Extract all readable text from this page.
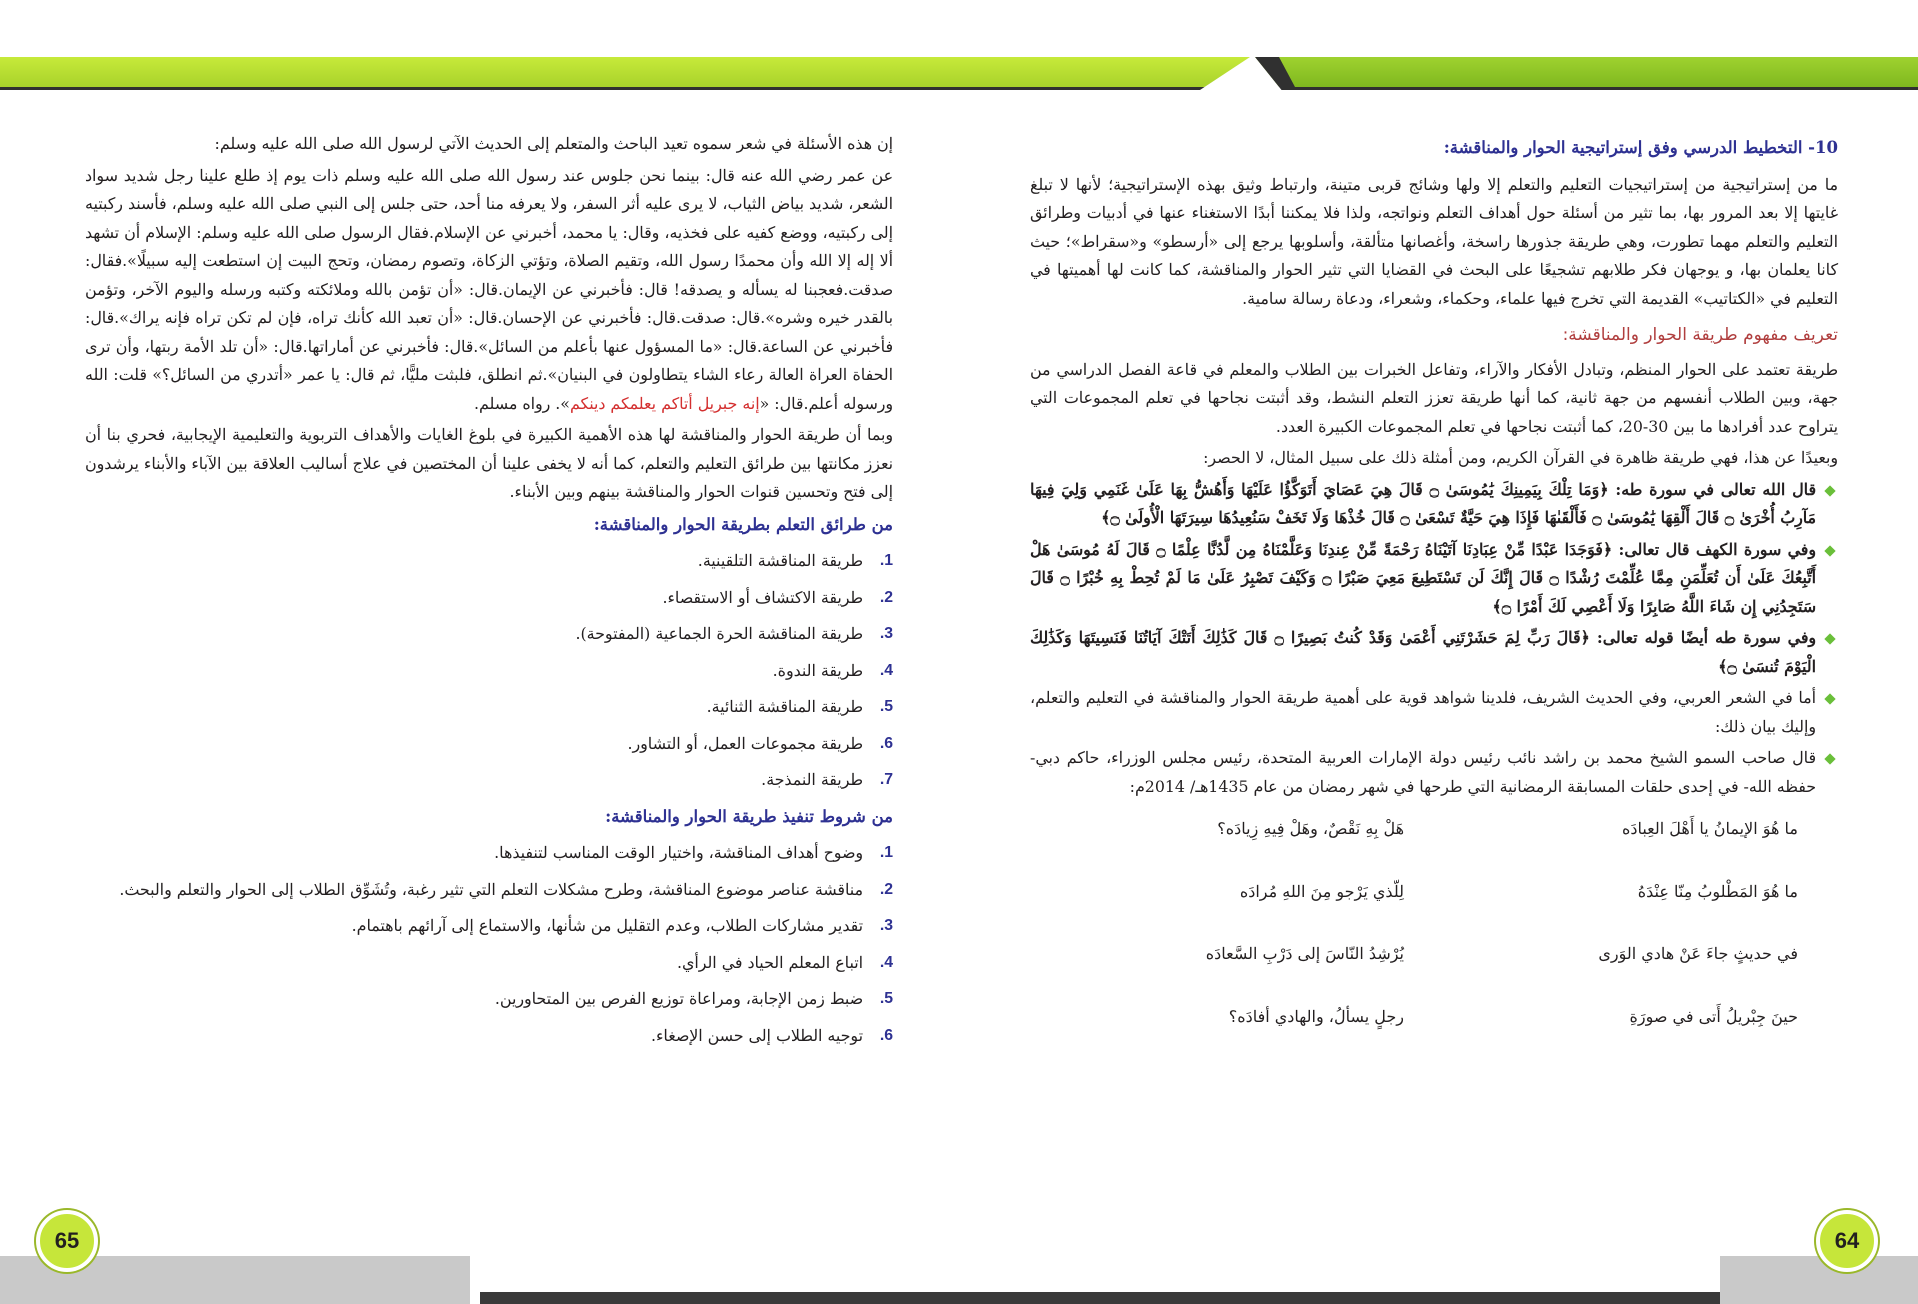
65	64
10- التخطيط الدرسي وفق إستراتيجية الحوار والمناقشة:

ما من إستراتيجية من إستراتيجيات التعليم والتعلم إلا ولها وشائج قربى متينة، وارتباط وثيق بهذه الإستراتيجية؛ لأنها لا تبلغ غايتها إلا بعد المرور بها، بما تثير من أسئلة حول أهداف التعلم ونواتجه، ولذا فلا يمكننا أبدًا الاستغناء عنها في أدبيات وطرائق التعليم والتعلم مهما تطورت، وهي طريقة جذورها راسخة، وأغصانها متألقة، وأسلوبها يرجع إلى «أرسطو» و«سقراط»؛ حيث كانا يعلمان بها، و يوجهان فكر طلابهم تشجيعًا على البحث في القضايا التي تثير الحوار والمناقشة، كما كانت لها أهميتها في التعليم في «الكتاتيب» القديمة التي تخرج فيها علماء، وحكماء، وشعراء، ودعاة رسالة سامية.

تعريف مفهوم طريقة الحوار والمناقشة:

طريقة تعتمد على الحوار المنظم، وتبادل الأفكار والآراء، وتفاعل الخبرات بين الطلاب والمعلم في قاعة الفصل الدراسي من جهة، وبين الطلاب أنفسهم من جهة ثانية، كما أنها طريقة تعزز التعلم النشط، وقد أثبتت نجاحها في تعلم المجموعات التي يتراوح عدد أفرادها ما بين 30-20، كما أثبتت نجاحها في تعلم المجموعات الكبيرة العدد.

وبعيدًا عن هذا، فهي طريقة ظاهرة في القرآن الكريم، ومن أمثلة ذلك على سبيل المثال، لا الحصر:

قال الله تعالى في سورة طه: ﴿وَمَا تِلْكَ بِيَمِينِكَ يَٰمُوسَىٰ ۝ قَالَ هِيَ عَصَايَ أَتَوَكَّؤُا عَلَيْهَا وَأَهُشُّ بِهَا عَلَىٰ غَنَمِي وَلِيَ فِيهَا مَآرِبُ أُخْرَىٰ ۝ قَالَ أَلْقِهَا يَٰمُوسَىٰ ۝ فَأَلْقَىٰهَا فَإِذَا هِيَ حَيَّةٌ تَسْعَىٰ ۝ قَالَ خُذْهَا وَلَا تَخَفْ سَنُعِيدُهَا سِيرَتَهَا الْأُولَىٰ ۝﴾

وفي سورة الكهف قال تعالى: ﴿فَوَجَدَا عَبْدًا مِّنْ عِبَادِنَا آتَيْنَاهُ رَحْمَةً مِّنْ عِندِنَا وَعَلَّمْنَاهُ مِن لَّدُنَّا عِلْمًا ۝ قَالَ لَهُ مُوسَىٰ هَلْ أَتَّبِعُكَ عَلَىٰ أَن تُعَلِّمَنِ مِمَّا عُلِّمْتَ رُشْدًا ۝ قَالَ إِنَّكَ لَن تَسْتَطِيعَ مَعِيَ صَبْرًا ۝ وَكَيْفَ تَصْبِرُ عَلَىٰ مَا لَمْ تُحِطْ بِهِ خُبْرًا ۝ قَالَ سَتَجِدُنِي إِن شَاءَ اللَّهُ صَابِرًا وَلَا أَعْصِي لَكَ أَمْرًا ۝﴾

وفي سورة طه أيضًا قوله تعالى: ﴿قَالَ رَبِّ لِمَ حَشَرْتَنِي أَعْمَىٰ وَقَدْ كُنتُ بَصِيرًا ۝ قَالَ كَذَٰلِكَ أَتَتْكَ آيَاتُنَا فَنَسِيتَهَا وَكَذَٰلِكَ الْيَوْمَ تُنسَىٰ ۝﴾

أما في الشعر العربي، وفي الحديث الشريف، فلدينا شواهد قوية على أهمية طريقة الحوار والمناقشة في التعليم والتعلم، وإليك بيان ذلك:

قال صاحب السمو الشيخ محمد بن راشد نائب رئيس دولة الإمارات العربية المتحدة، رئيس مجلس الوزراء، حاكم دبي- حفظه الله- في إحدى حلقات المسابقة الرمضانية التي طرحها في شهر رمضان من عام 1435هـ/ 2014م:

ما هُوَ الإيمانُ يا أَهْلَ العِبادَه
هَلْ بِهِ نَقْصٌ، وهَلْ فِيهِ زِيادَه؟
ما هُوَ المَطْلوبُ مِنّا عِنْدَهُ
لِلّذي يَرْجو مِنَ اللهِ مُرادَه
في حديثٍ جاءَ عَنْ هادي الوَرى
يُرْشِدُ النّاسَ إلى دَرْبِ السَّعادَه
حينَ جِبْريلُ أَتى في صورَةِ
رجلٍ يسألُ، والهادي أفادَه؟

إن هذه الأسئلة في شعر سموه تعيد الباحث والمتعلم إلى الحديث الآتي لرسول الله صلى الله عليه وسلم:

عن عمر رضي الله عنه قال: بينما نحن جلوس عند رسول الله صلى الله عليه وسلم ذات يوم إذ طلع علينا رجل شديد سواد الشعر، شديد بياض الثياب، لا يرى عليه أثر السفر، ولا يعرفه منا أحد، حتى جلس إلى النبي صلى الله عليه وسلم، فأسند ركبتيه إلى ركبتيه، ووضع كفيه على فخذيه، وقال: يا محمد، أخبرني عن الإسلام.فقال الرسول صلى الله عليه وسلم: الإسلام أن تشهد ألا إله إلا الله وأن محمدًا رسول الله، وتقيم الصلاة، وتؤتي الزكاة، وتصوم رمضان، وتحج البيت إن استطعت إليه سبيلًا».فقال: صدقت.فعجبنا له يسأله و يصدقه! قال: فأخبرني عن الإيمان.قال: «أن تؤمن بالله وملائكته وكتبه ورسله واليوم الآخر، وتؤمن بالقدر خيره وشره».قال: صدقت.قال: فأخبرني عن الإحسان.قال: «أن تعبد الله كأنك تراه، فإن لم تكن تراه فإنه يراك».قال: فأخبرني عن الساعة.قال: «ما المسؤول عنها بأعلم من السائل».قال: فأخبرني عن أماراتها.قال: «أن تلد الأمة ربتها، وأن ترى الحفاة العراة العالة رعاء الشاء يتطاولون في البنيان».ثم انطلق، فلبثت مليًّا، ثم قال: يا عمر «أتدري من السائل؟» قلت: الله ورسوله أعلم.قال: «إنه جبريل أتاكم يعلمكم دينكم». رواه مسلم.

وبما أن طريقة الحوار والمناقشة لها هذه الأهمية الكبيرة في بلوغ الغايات والأهداف التربوية والتعليمية الإيجابية، فحري بنا أن نعزز مكانتها بين طرائق التعليم والتعلم، كما أنه لا يخفى علينا أن المختصين في علاج أساليب العلاقة بين الآباء والأبناء يرشدون إلى فتح وتحسين قنوات الحوار والمناقشة بينهم وبين الأبناء.

من طرائق التعلم بطريقة الحوار والمناقشة:
1.
طريقة المناقشة التلقينية.
2.
طريقة الاكتشاف أو الاستقصاء.
3.
طريقة المناقشة الحرة الجماعية (المفتوحة).
4.
طريقة الندوة.
5.
طريقة المناقشة الثنائية.
6.
طريقة مجموعات العمل، أو التشاور.
7.
طريقة النمذجة.
من شروط تنفيذ طريقة الحوار والمناقشة:
1.
وضوح أهداف المناقشة، واختيار الوقت المناسب لتنفيذها.
2.
مناقشة عناصر موضوع المناقشة، وطرح مشكلات التعلم التي تثير رغبة، وتُشَوِّق الطلاب إلى الحوار والتعلم والبحث.
3.
تقدير مشاركات الطلاب، وعدم التقليل من شأنها، والاستماع إلى آرائهم باهتمام.
4.
اتباع المعلم الحياد في الرأي.
5.
ضبط زمن الإجابة، ومراعاة توزيع الفرص بين المتحاورين.
6.
توجيه الطلاب إلى حسن الإصغاء.
